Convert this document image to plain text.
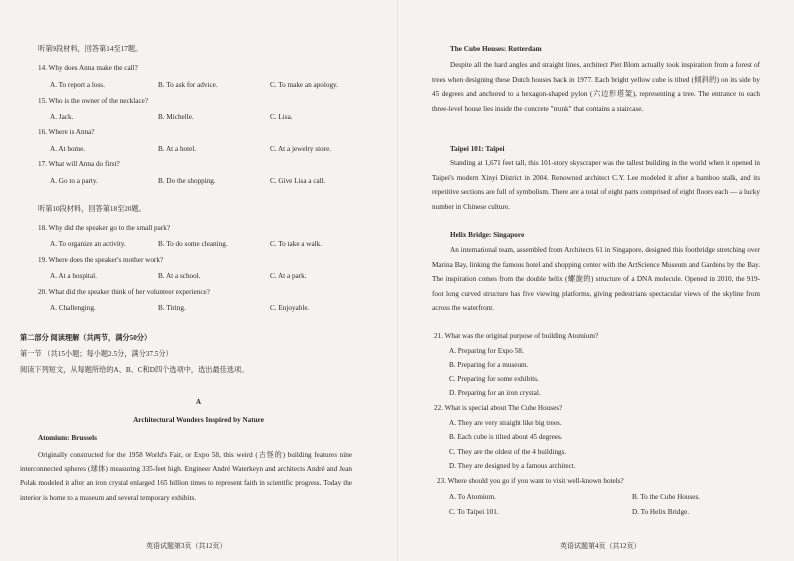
听第9段材料，回答第14至17题。
14. Why does Anna make the call?
A. To report a loss.	B. To ask for advice.	C. To make an apology.
15. Who is the owner of the necklace?
A. Jack.	B. Michelle.	C. Lisa.
16. Where is Anna?
A. At home.	B. At a hotel.	C. At a jewelry store.
17. What will Anna do first?
A. Go to a party.	B. Do the shopping.	C. Give Lisa a call.
听第10段材料，回答第18至20题。
18. Why did the speaker go to the small park?
A. To organize an activity.	B. To do some cleaning.	C. To take a walk.
19. Where does the speaker's mother work?
A. At a hospital.	B. At a school.	C. At a park.
20. What did the speaker think of her volunteer experience?
A. Challenging.	B. Tiring.	C. Enjoyable.
第二部分 阅读理解（共两节，满分50分）
第一节 （共15小题；每小题2.5分，满分37.5分）
阅读下列短文，从每题所给的A、B、C和D四个选项中，选出最佳选项。
A
Architectural Wonders Inspired by Nature
Atomium: Brussels
Originally constructed for the 1958 World's Fair, or Expo 58, this weird (古怪的) building features nine interconnected spheres (球体) measuring 335-feet high. Engineer André Waterkeyn and architects André and Jean Polak modeled it after an iron crystal enlarged 165 billion times to represent faith in scientific progress. Today the interior is home to a museum and several temporary exhibits.
英语试题第3页（共12页）
The Cube Houses: Rotterdam
Despite all the hard angles and straight lines, architect Piet Blom actually took inspiration from a forest of trees when designing these Dutch houses back in 1977. Each bright yellow cube is tilted (倾斜的) on its side by 45 degrees and anchored to a hexagon-shaped pylon (六边形塔架), representing a tree. The entrance to each three-level house lies inside the concrete "trunk" that contains a staircase.
Taipei 101: Taipei
Standing at 1,671 feet tall, this 101-story skyscraper was the tallest building in the world when it opened in Taipei's modern Xinyi District in 2004. Renowned architect C.Y. Lee modeled it after a bamboo stalk, and its repetitive sections are full of symbolism. There are a total of eight parts comprised of eight floors each — a lucky number in Chinese culture.
Helix Bridge: Singapore
An international team, assembled from Architects 61 in Singapore, designed this footbridge stretching over Marina Bay, linking the famous hotel and shopping center with the ArtScience Museum and Gardens by the Bay. The inspiration comes from the double helix (螺旋的) structure of a DNA molecule. Opened in 2010, the 919-foot long curved structure has five viewing platforms, giving pedestrians spectacular views of the skyline from across the waterfront.
21. What was the original purpose of building Atomium?
A. Preparing for Expo 58.
B. Preparing for a museum.
C. Preparing for some exhibits.
D. Preparing for an iron crystal.
22. What is special about The Cube Houses?
A. They are very straight like big trees.
B. Each cube is tilted about 45 degrees.
C. They are the oldest of the 4 buildings.
D. They are designed by a famous architect.
23. Where should you go if you want to visit well-known hotels?
A. To Atomium.	B. To the Cube Houses.
C. To Taipei 101.	D. To Helix Bridge.
英语试题第4页（共12页）
